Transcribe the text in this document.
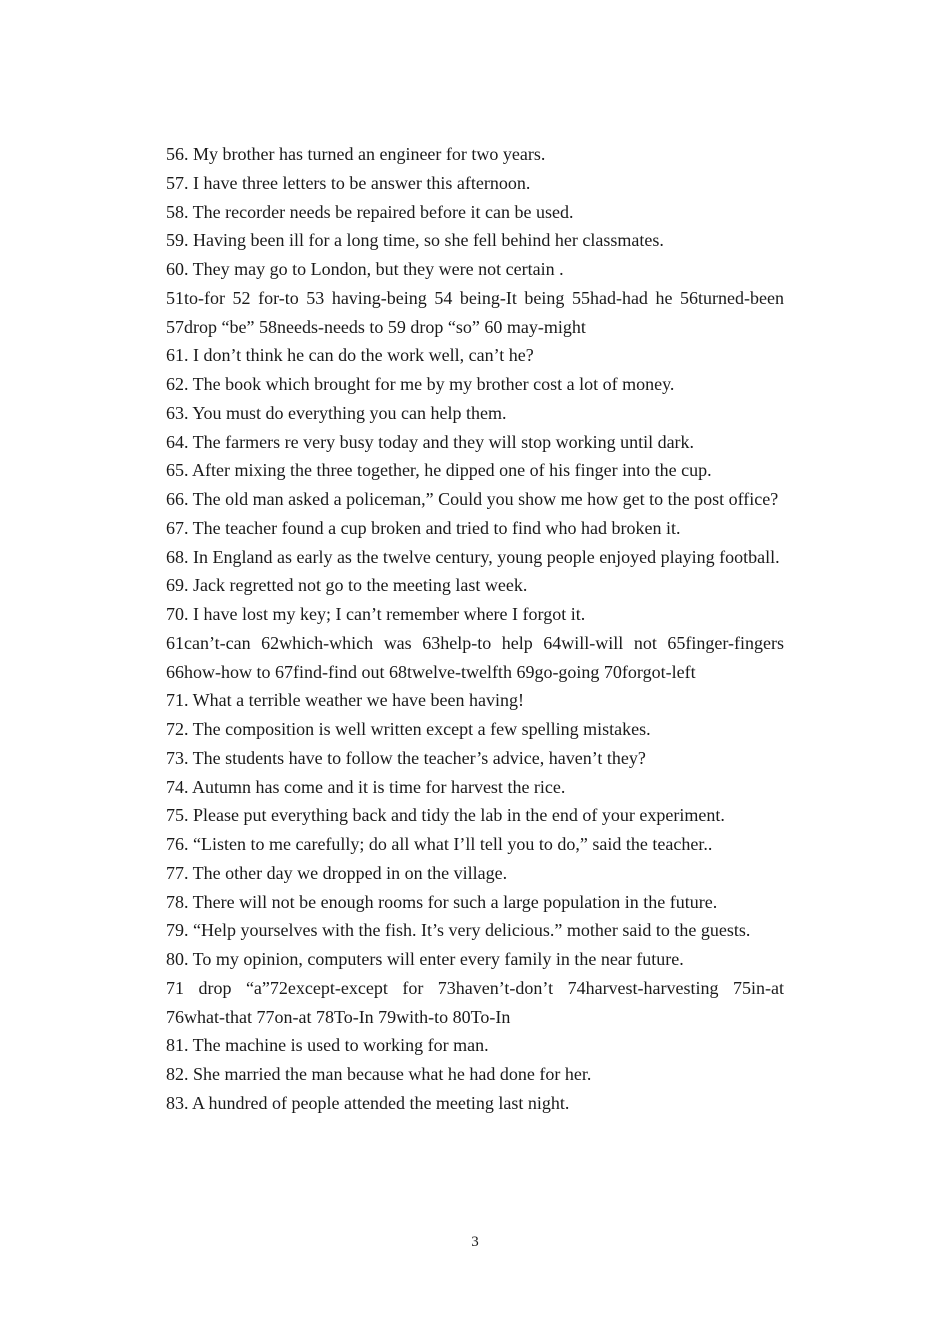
56. My brother has turned an engineer for two years.

57. I have three letters to be answer this afternoon.

58. The recorder needs be repaired before it can be used.

59. Having been ill for a long time, so she fell behind her classmates.

60. They may go to London, but they were not certain .

51to-for 52 for-to 53 having-being 54 being-It being 55had-had he 56turned-been 57drop “be” 58needs-needs to 59 drop “so” 60 may-might

61. I don’t think he can do the work well, can’t he?

62. The book which brought for me by my brother cost a lot of money.

63. You must do everything you can help them.

64. The farmers re very busy today and they will stop working until dark.

65. After mixing the three together, he dipped one of his finger into the cup.

66. The old man asked a policeman,” Could you show me how get to the post office?

67. The teacher found a cup broken and tried to find who had broken it.

68. In England as early as the twelve century, young people enjoyed playing football.

69. Jack regretted not go to the meeting last week.

70. I have lost my key; I can’t remember where I forgot it.

61can’t-can 62which-which was 63help-to help 64will-will not 65finger-fingers 66how-how to 67find-find out 68twelve-twelfth 69go-going 70forgot-left

71. What a terrible weather we have been having!

72. The composition is well written except a few spelling mistakes.

73. The students have to follow the teacher’s advice, haven’t they?

74. Autumn has come and it is time for harvest the rice.

75. Please put everything back and tidy the lab in the end of your experiment.

76. “Listen to me carefully; do all what I’ll tell you to do,” said the teacher..

77. The other day we dropped in on the village.

78. There will not be enough rooms for such a large population in the future.

79. “Help yourselves with the fish. It’s very delicious.” mother said to the guests.

80. To my opinion, computers will enter every family in the near future.

71 drop “a”72except-except for 73haven’t-don’t 74harvest-harvesting 75in-at 76what-that 77on-at 78To-In 79with-to 80To-In

81. The machine is used to working for man.

82. She married the man because what he had done for her.

83. A hundred of people attended the meeting last night.

3
